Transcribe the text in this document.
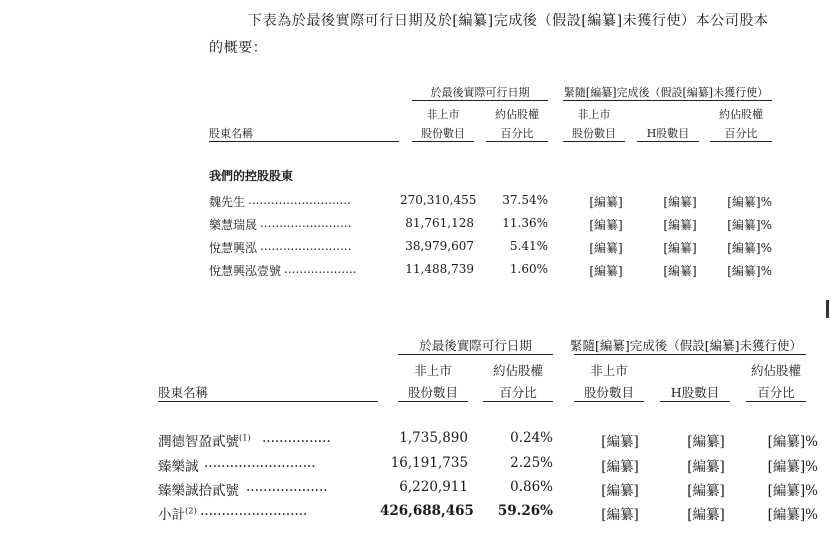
下表為於最後實際可行日期及於[編纂]完成後（假設[編纂]未獲行使）本公司股本
的概要：
於最後實際可行日期	緊隨[編纂]完成後（假設[編纂]未獲行使）
非上市
股份數目
約佔股權
百分比
非上市
股份數目	H股數目
約佔股權
百分比
股東名稱
我們的控股股東
魏先生 ...........................	270,310,455	37.54%	[編纂]	[編纂]	[編纂]%
樂慧瑞晟 ........................	81,761,128	11.36%	[編纂]	[編纂]	[編纂]%
悅慧興泓 ........................	38,979,607	5.41%	[編纂]	[編纂]	[編纂]%
悅慧興泓壹號 ...................	11,488,739	1.60%	[編纂]	[編纂]	[編纂]%
於最後實際可行日期	緊隨[編纂]完成後（假設[編纂]未獲行使）
非上市
股份數目
約佔股權
百分比
非上市
股份數目	H股數目
約佔股權
百分比
股東名稱
潤德智盈貳號$^{(1)}$ ................	1,735,890	0.24%	[編纂]	[編纂]	[編纂]%
臻樂誠 ..........................	16,191,735	2.25%	[編纂]	[編纂]	[編纂]%
臻樂誠拾貳號 ...................	6,220,911	0.86%	[編纂]	[編纂]	[編纂]%
小計$^{(2)}$ .........................	426,688,465	59.26%	[編纂]	[編纂]	[編纂]%
